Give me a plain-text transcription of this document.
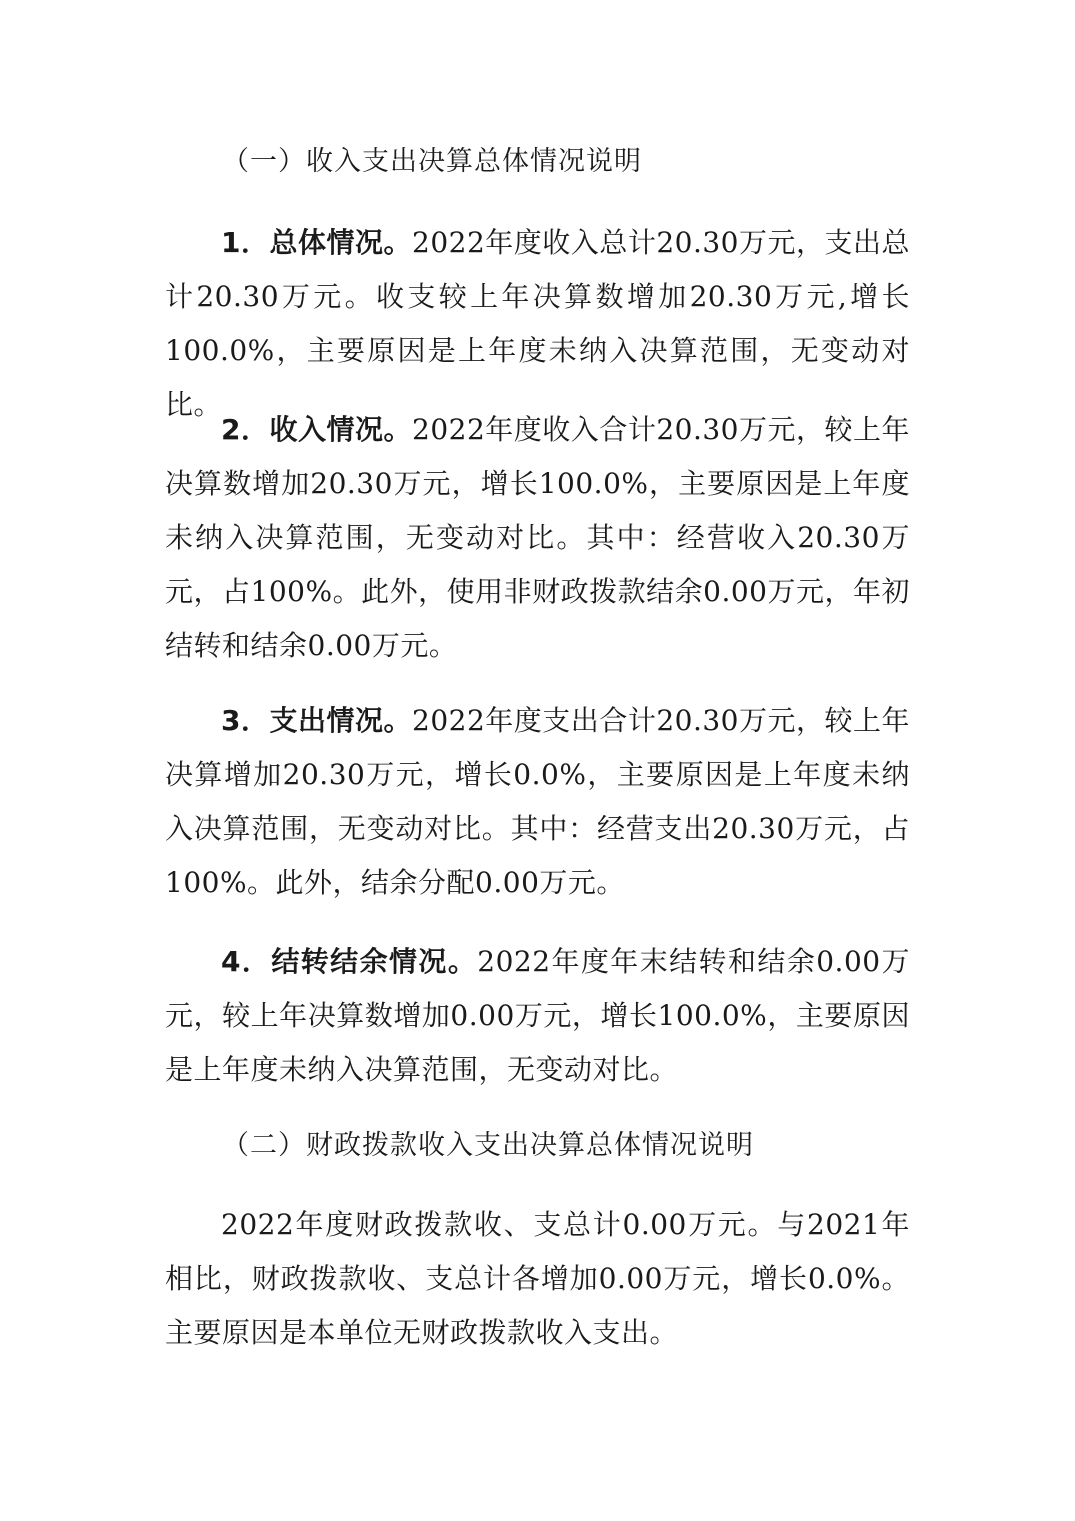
（一）收入支出决算总体情况说明
1．总体情况。2022年度收入总计20.30万元，支出总计20.30万元。收支较上年决算数增加20.30万元,增长100.0%，主要原因是上年度未纳入决算范围，无变动对比。
2．收入情况。2022年度收入合计20.30万元，较上年决算数增加20.30万元，增长100.0%，主要原因是上年度未纳入决算范围，无变动对比。其中：经营收入20.30万元，占100%。此外，使用非财政拨款结余0.00万元，年初结转和结余0.00万元。
3．支出情况。2022年度支出合计20.30万元，较上年决算增加20.30万元，增长0.0%，主要原因是上年度未纳入决算范围，无变动对比。其中：经营支出20.30万元，占100%。此外，结余分配0.00万元。
4．结转结余情况。2022年度年末结转和结余0.00万元，较上年决算数增加0.00万元，增长100.0%，主要原因是上年度未纳入决算范围，无变动对比。
（二）财政拨款收入支出决算总体情况说明
2022年度财政拨款收、支总计0.00万元。与2021年相比，财政拨款收、支总计各增加0.00万元，增长0.0%。主要原因是本单位无财政拨款收入支出。
